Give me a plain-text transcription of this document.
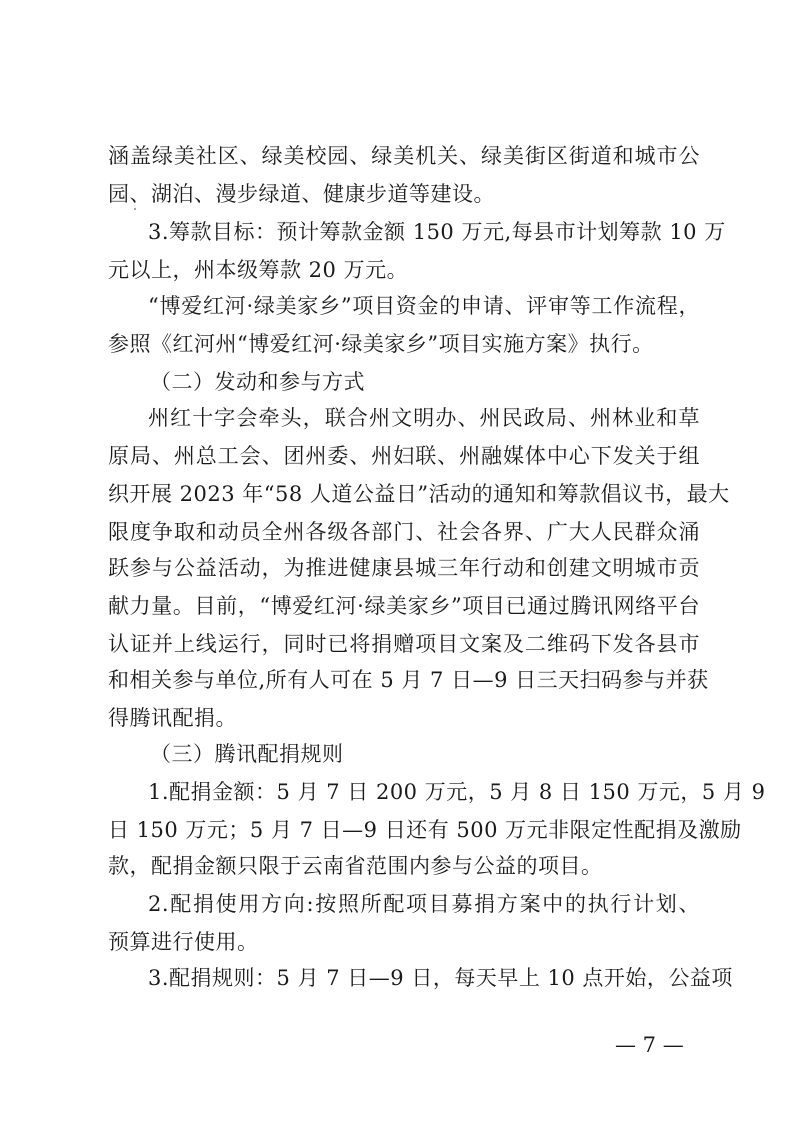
涵盖绿美社区、绿美校园、绿美机关、绿美街区街道和城市公
园、湖泊、漫步绿道、健康步道等建设。
3.筹款目标：预计筹款金额 150 万元,每县市计划筹款 10 万
元以上，州本级筹款 20 万元。
“博爱红河·绿美家乡”项目资金的申请、评审等工作流程，
参照《红河州“博爱红河·绿美家乡”项目实施方案》执行。
（二）发动和参与方式
州红十字会牵头，联合州文明办、州民政局、州林业和草
原局、州总工会、团州委、州妇联、州融媒体中心下发关于组
织开展 2023 年“58 人道公益日”活动的通知和筹款倡议书，最大
限度争取和动员全州各级各部门、社会各界、广大人民群众涌
跃参与公益活动，为推进健康县城三年行动和创建文明城市贡
献力量。目前，“博爱红河·绿美家乡”项目已通过腾讯网络平台
认证并上线运行，同时已将捐赠项目文案及二维码下发各县市
和相关参与单位,所有人可在 5 月 7 日—9 日三天扫码参与并获
得腾讯配捐。
（三）腾讯配捐规则
1.配捐金额：5 月 7 日 200 万元，5 月 8 日 150 万元，5 月 9
日 150 万元；5 月 7 日—9 日还有 500 万元非限定性配捐及激励
款，配捐金额只限于云南省范围内参与公益的项目。
2.配捐使用方向:按照所配项目募捐方案中的执行计划、
预算进行使用。
3.配捐规则：5 月 7 日—9 日，每天早上 10 点开始，公益项
— 7 —
